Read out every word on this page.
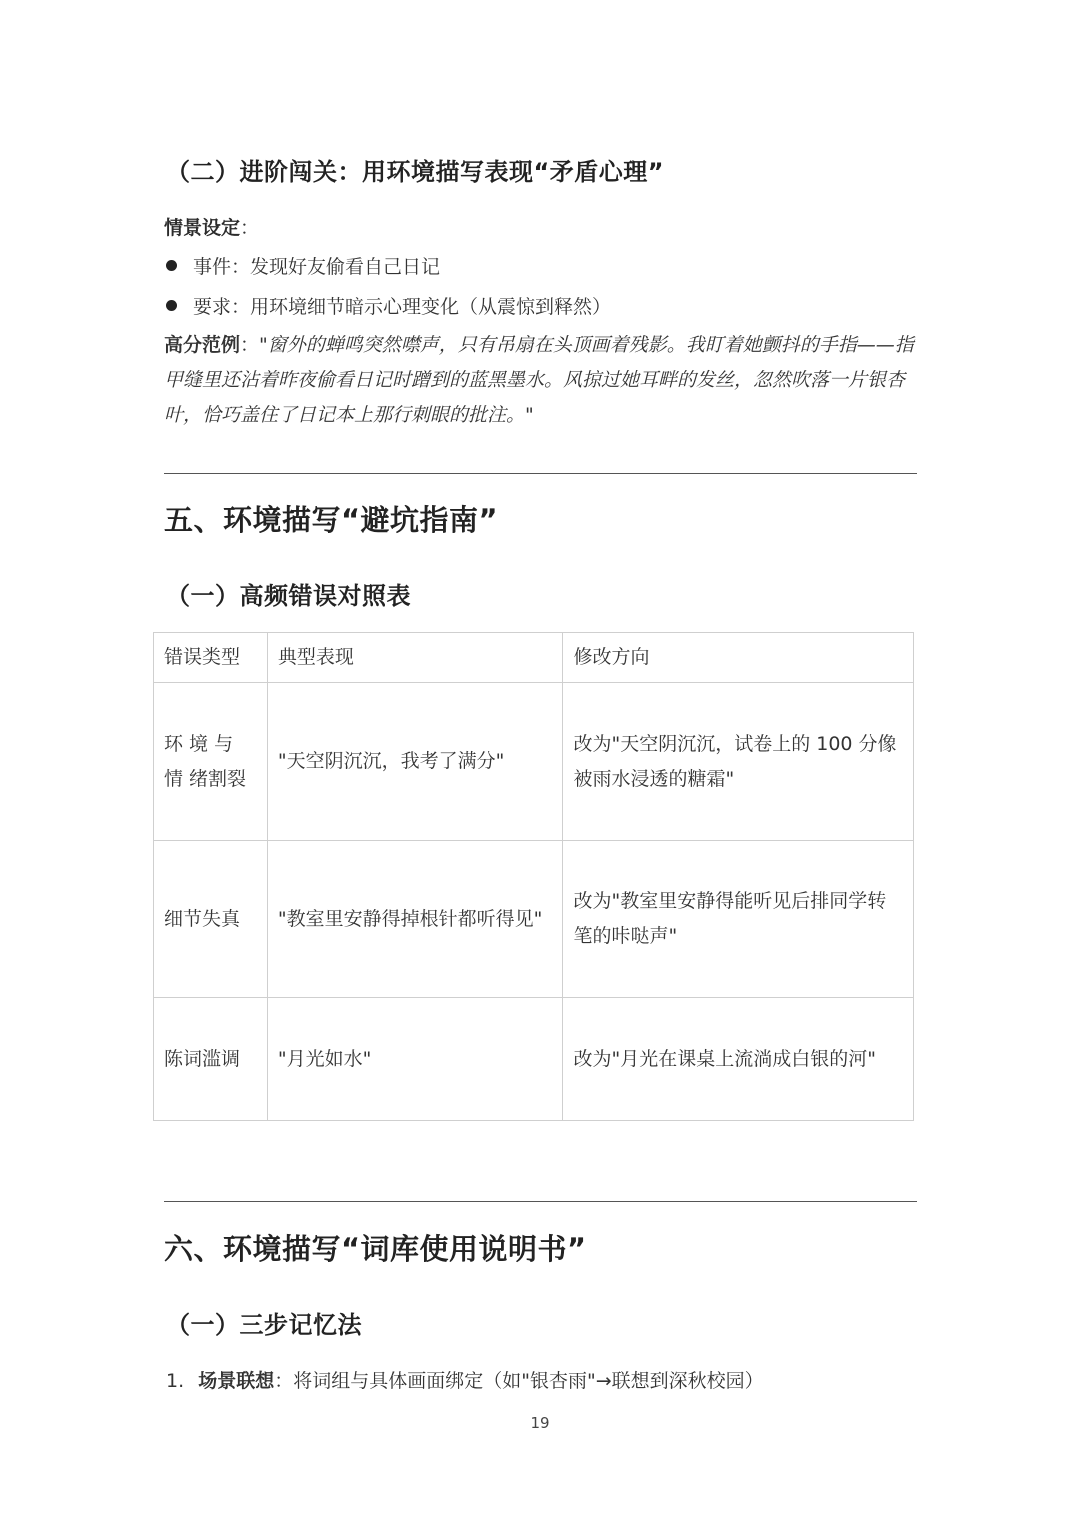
（二）进阶闯关：用环境描写表现“矛盾心理”
情景设定：
事件：发现好友偷看自己日记
要求：用环境细节暗示心理变化（从震惊到释然）

高分范例："窗外的蝉鸣突然噤声，只有吊扇在头顶画着残影。我盯着她颤抖的手指——指甲缝里还沾着昨夜偷看日记时蹭到的蓝黑墨水。风掠过她耳畔的发丝，忽然吹落一片银杏叶，恰巧盖住了日记本上那行刺眼的批注。"

五、环境描写“避坑指南”
（一）高频错误对照表
错误类型	典型表现	修改方向
环 境 与 情 绪割裂	"天空阴沉沉，我考了满分"	改为"天空阴沉沉，试卷上的 100 分像被雨水浸透的糖霜"
细节失真	"教室里安静得掉根针都听得见"	改为"教室里安静得能听见后排同学转笔的咔哒声"
陈词滥调	"月光如水"	改为"月光在课桌上流淌成白银的河"
六、环境描写“词库使用说明书”
（一）三步记忆法
1. 场景联想：将词组与具体画面绑定（如"银杏雨"→联想到深秋校园）
19
